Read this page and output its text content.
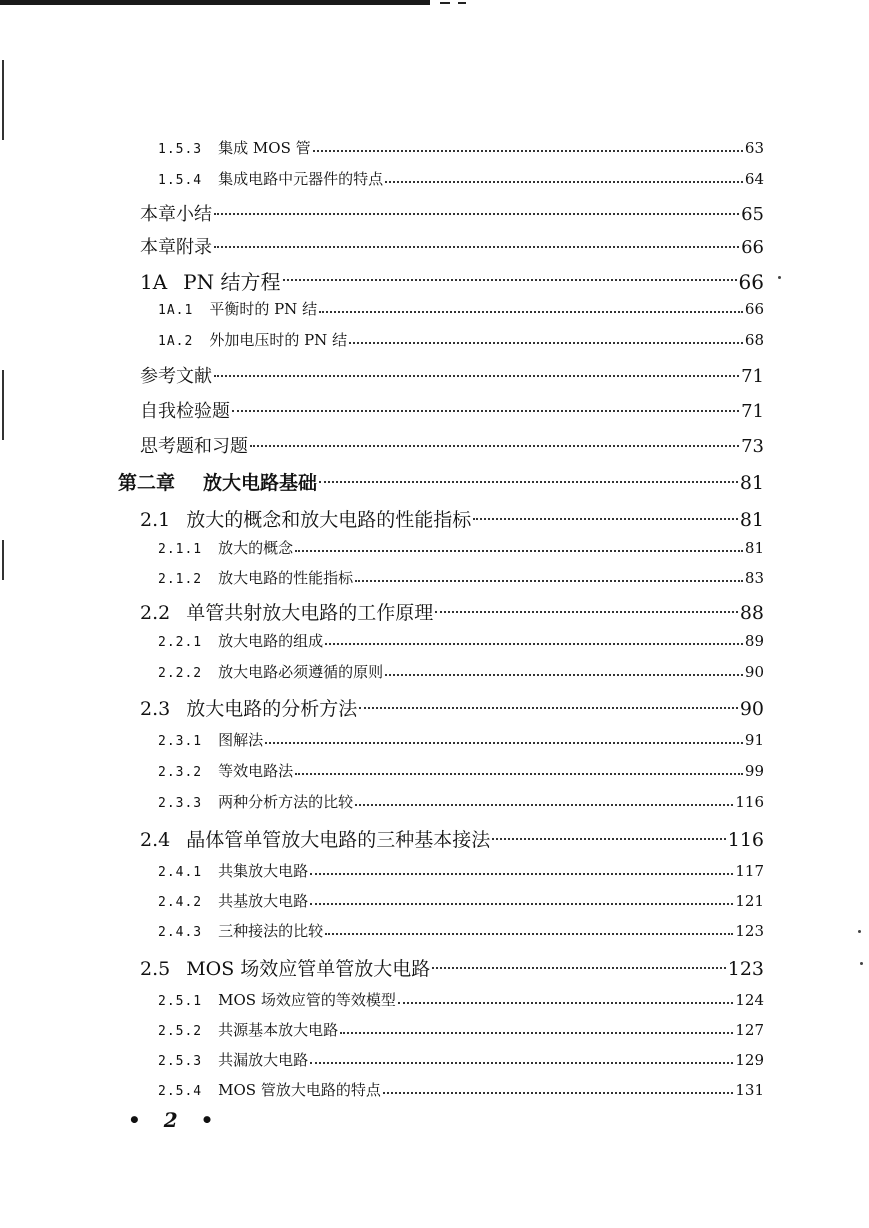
1.5.3 集成 MOS 管	63
1.5.4 集成电路中元器件的特点	64
本章小结	65
本章附录	66
1A PN 结方程	66
1A.1 平衡时的 PN 结	66
1A.2 外加电压时的 PN 结	68
参考文献	71
自我检验题	71
思考题和习题	73
第二章 放大电路基础	81
2.1 放大的概念和放大电路的性能指标	81
2.1.1 放大的概念	81
2.1.2 放大电路的性能指标	83
2.2 单管共射放大电路的工作原理	88
2.2.1 放大电路的组成	89
2.2.2 放大电路必须遵循的原则	90
2.3 放大电路的分析方法	90
2.3.1 图解法	91
2.3.2 等效电路法	99
2.3.3 两种分析方法的比较	116
2.4 晶体管单管放大电路的三种基本接法	116
2.4.1 共集放大电路	117
2.4.2 共基放大电路	121
2.4.3 三种接法的比较	123
2.5 MOS 场效应管单管放大电路	123
2.5.1 MOS 场效应管的等效模型	124
2.5.2 共源基本放大电路	127
2.5.3 共漏放大电路	129
2.5.4 MOS 管放大电路的特点	131
• 2 •
